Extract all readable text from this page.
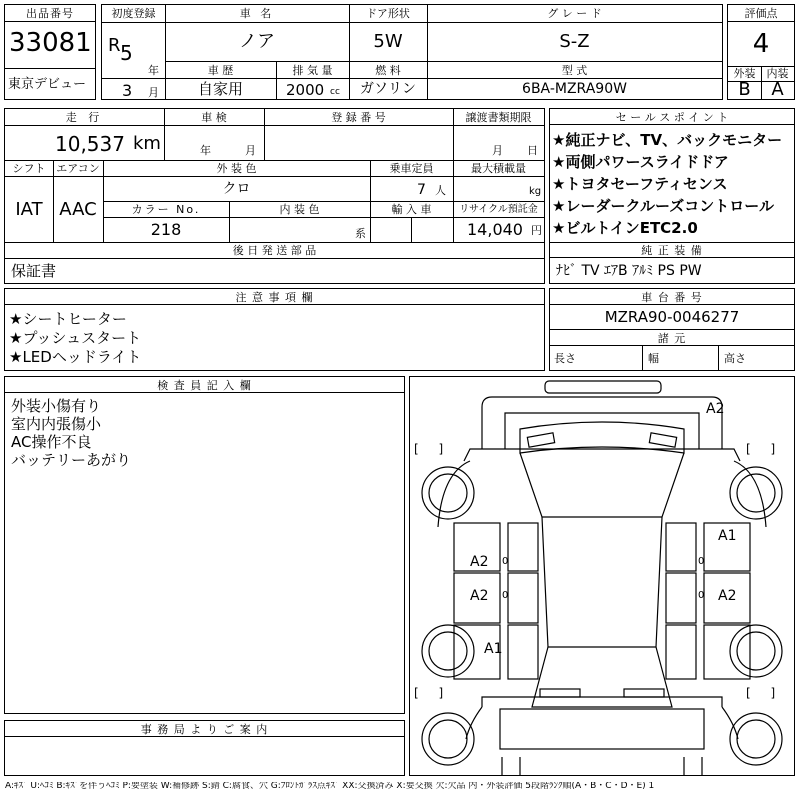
出品番号
33081
東京デビュー
初度登録	車 名	ドア形状	グ レ ー ド
R 5
年
3 月
ノア	5W	S-Z
車 歴	排 気 量	燃 料	型 式
自家用	2000 cc	ガソリン	6BA-MZRA90W
評価点
4
外装	内装
B	A
走 行	車 検	登 録 番 号	譲渡書類期限
10,537 km	年	月	月 日
シフト エアコン	外 装 色	乗車定員	最大積載量
IAT AAC
クロ	7 人	kg
カラー No.	内 装 色	輸 入 車	リサイクル預託金
218	系	14,040 円
後 日 発 送 部 品
保証書
セ ー ル ス ポ イ ン ト
★純正ナビ、TV、バックモニター
★両側パワースライドドア
★トヨタセーフティセンス
★レーダークルーズコントロール
★ビルトインETC2.0
純 正 装 備
ﾅﾋﾞ TV ｴｱB ｱﾙﾐ PS PW
注 意 事 項 欄
★シートヒーター
★プッシュスタート
★LEDヘッドライト
車 台 番 号
MZRA90-0046277
諸 元
長さ	幅	高さ
検 査 員 記 入 欄
外装小傷有り
室内内張傷小
AC操作不良
バッテリーあがり
事 務 局 よ り ご 案 内
[ ]	[ ]
[ ]	[ ]
A2
A1
A2
A2	A2
A1
0
0
0
0
A:ｷｽﾞ U:ﾍｺﾐ B:ｷｽﾞを伴うﾍｺﾐ P:要塗装 W:補修跡 S:錆 C:腐食、穴 G:ﾌﾛﾝﾄｶﾞﾗｽ点ｷｽﾞ XX:交換済み X:要交換 欠:欠品 内・外装評価 5段階ﾗﾝｸ順(A・B・C・D・E) 1
